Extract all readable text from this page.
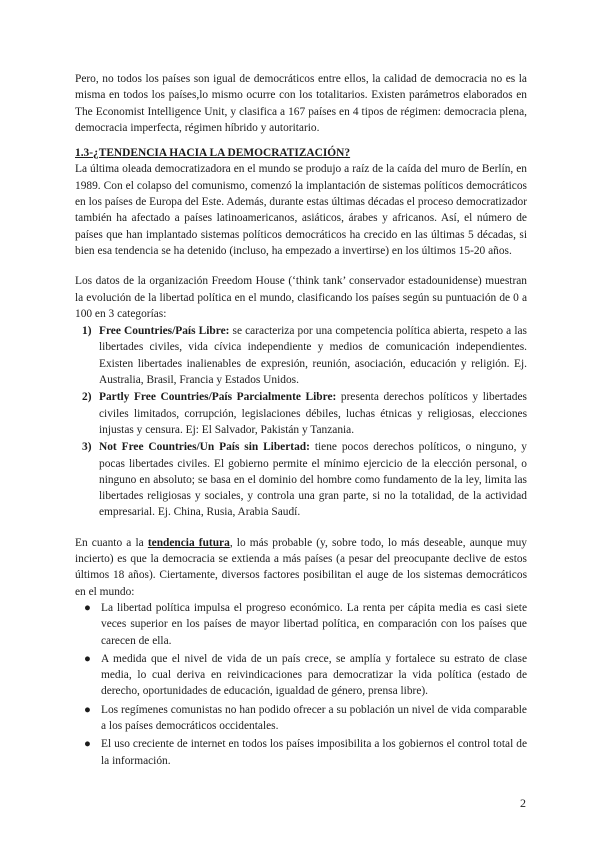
Pero, no todos los países son igual de democráticos entre ellos, la calidad de democracia no es la misma en todos los países,lo mismo ocurre con los totalitarios. Existen parámetros elaborados en The Economist Intelligence Unit, y clasifica a 167 países en 4 tipos de régimen: democracia plena, democracia imperfecta, régimen híbrido y autoritario.

1.3-¿TENDENCIA HACIA LA DEMOCRATIZACIÓN?

La última oleada democratizadora en el mundo se produjo a raíz de la caída del muro de Berlín, en 1989. Con el colapso del comunismo, comenzó la implantación de sistemas políticos democráticos en los países de Europa del Este. Además, durante estas últimas décadas el proceso democratizador también ha afectado a países latinoamericanos, asiáticos, árabes y africanos. Así, el número de países que han implantado sistemas políticos democráticos ha crecido en las últimas 5 décadas, si bien esa tendencia se ha detenido (incluso, ha empezado a invertirse) en los últimos 15-20 años.

Los datos de la organización Freedom House (‘think tank’ conservador estadounidense) muestran la evolución de la libertad política en el mundo, clasificando los países según su puntuación de 0 a 100 en 3 categorías:

1) Free Countries/País Libre: se caracteriza por una competencia política abierta, respeto a las libertades civiles, vida cívica independiente y medios de comunicación independientes. Existen libertades inalienables de expresión, reunión, asociación, educación y religión. Ej. Australia, Brasil, Francia y Estados Unidos.
2) Partly Free Countries/País Parcialmente Libre: presenta derechos políticos y libertades civiles limitados, corrupción, legislaciones débiles, luchas étnicas y religiosas, elecciones injustas y censura. Ej: El Salvador, Pakistán y Tanzania.
3) Not Free Countries/Un País sin Libertad: tiene pocos derechos políticos, o ninguno, y pocas libertades civiles. El gobierno permite el mínimo ejercicio de la elección personal, o ninguno en absoluto; se basa en el dominio del hombre como fundamento de la ley, limita las libertades religiosas y sociales, y controla una gran parte, si no la totalidad, de la actividad empresarial. Ej. China, Rusia, Arabia Saudí.

En cuanto a la tendencia futura, lo más probable (y, sobre todo, lo más deseable, aunque muy incierto) es que la democracia se extienda a más países (a pesar del preocupante declive de estos últimos 18 años). Ciertamente, diversos factores posibilitan el auge de los sistemas democráticos en el mundo:

● La libertad política impulsa el progreso económico. La renta per cápita media es casi siete veces superior en los países de mayor libertad política, en comparación con los países que carecen de ella.
● A medida que el nivel de vida de un país crece, se amplía y fortalece su estrato de clase media, lo cual deriva en reivindicaciones para democratizar la vida política (estado de derecho, oportunidades de educación, igualdad de género, prensa libre).
● Los regímenes comunistas no han podido ofrecer a su población un nivel de vida comparable a los países democráticos occidentales.
● El uso creciente de internet en todos los países imposibilita a los gobiernos el control total de la información.
2
